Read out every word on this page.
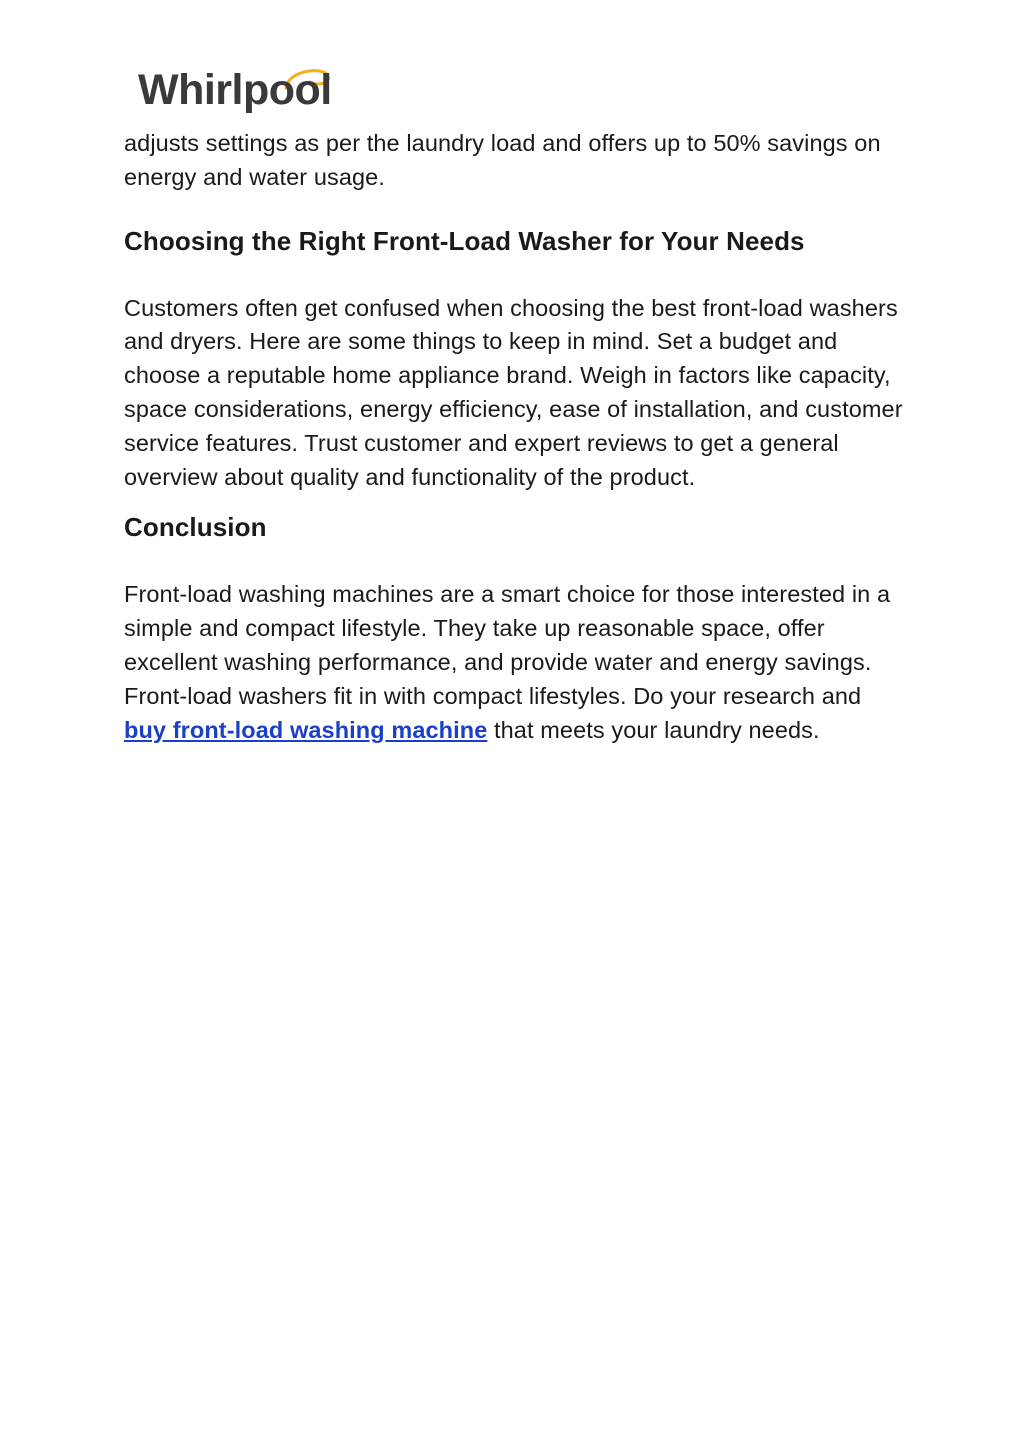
Whirlpool

adjusts settings as per the laundry load and offers up to 50% savings on energy and water usage.

Choosing the Right Front-Load Washer for Your Needs

Customers often get confused when choosing the best front-load washers and dryers. Here are some things to keep in mind. Set a budget and choose a reputable home appliance brand. Weigh in factors like capacity, space considerations, energy efficiency, ease of installation, and customer service features. Trust customer and expert reviews to get a general overview about quality and functionality of the product.

Conclusion

Front-load washing machines are a smart choice for those interested in a simple and compact lifestyle. They take up reasonable space, offer excellent washing performance, and provide water and energy savings. Front-load washers fit in with compact lifestyles. Do your research and buy front-load washing machine that meets your laundry needs.
